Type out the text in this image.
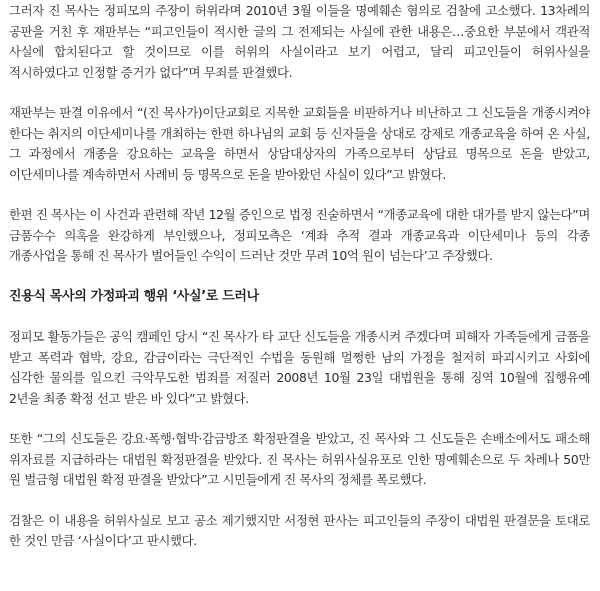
그러자 진 목사는 정피모의 주장이 허위라며 2010년 3월 이들을 명예훼손 혐의로 검찰에 고소했다. 13차례의 공판을 거친 후 재판부는 “피고인들이 적시한 글의 그 전제되는 사실에 관한 내용은…중요한 부분에서 객관적 사실에 합치된다고 할 것이므로 이를 허위의 사실이라고 보기 어렵고, 달리 피고인들이 허위사실을 적시하였다고 인정할 증거가 없다”며 무죄를 판결했다.

재판부는 판결 이유에서 “(진 목사가)이단교회로 지목한 교회들을 비판하거나 비난하고 그 신도들을 개종시켜야 한다는 취지의 이단세미나를 개최하는 한편 하나님의 교회 등 신자들을 상대로 강제로 개종교육을 하여 온 사실, 그 과정에서 개종을 강요하는 교육을 하면서 상담대상자의 가족으로부터 상담료 명목으로 돈을 받았고, 이단세미나를 계속하면서 사례비 등 명목으로 돈을 받아왔던 사실이 있다”고 밝혔다.

한편 진 목사는 이 사건과 관련해 작년 12월 증인으로 법정 진술하면서 “개종교육에 대한 대가를 받지 않는다”며 금품수수 의혹을 완강하게 부인했으나, 정피모측은 ‘계좌 추적 결과 개종교육과 이단세미나 등의 각종 개종사업을 통해 진 목사가 벌어들인 수익이 드러난 것만 무려 10억 원이 넘는다’고 주장했다.

진용식 목사의 가정파괴 행위 ‘사실’로 드러나

정피모 활동가들은 공익 캠페인 당시 “진 목사가 타 교단 신도들을 개종시켜 주겠다며 피해자 가족들에게 금품을 받고 폭력과 협박, 강요, 감금이라는 극단적인 수법을 동원해 멀쩡한 남의 가정을 철저히 파괴시키고 사회에 심각한 물의를 일으킨 극악무도한 범죄를 저질러 2008년 10월 23일 대법원을 통해 징역 10월에 집행유예 2년을 최종 확정 선고 받은 바 있다”고 밝혔다.

또한 “그의 신도들은 강요·폭행·협박·감금방조 확정판결을 받았고, 진 목사와 그 신도들은 손배소에서도 패소해 위자료를 지급하라는 대법원 확정판결을 받았다. 진 목사는 허위사실유포로 인한 명예훼손으로 두 차례나 50만 원 벌금형 대법원 확정 판결을 받았다”고 시민들에게 진 목사의 정체를 폭로했다.

검찰은 이 내용을 허위사실로 보고 공소 제기했지만 서정현 판사는 피고인들의 주장이 대법원 판결문을 토대로 한 것인 만큼 ‘사실이다’고 판시했다.
